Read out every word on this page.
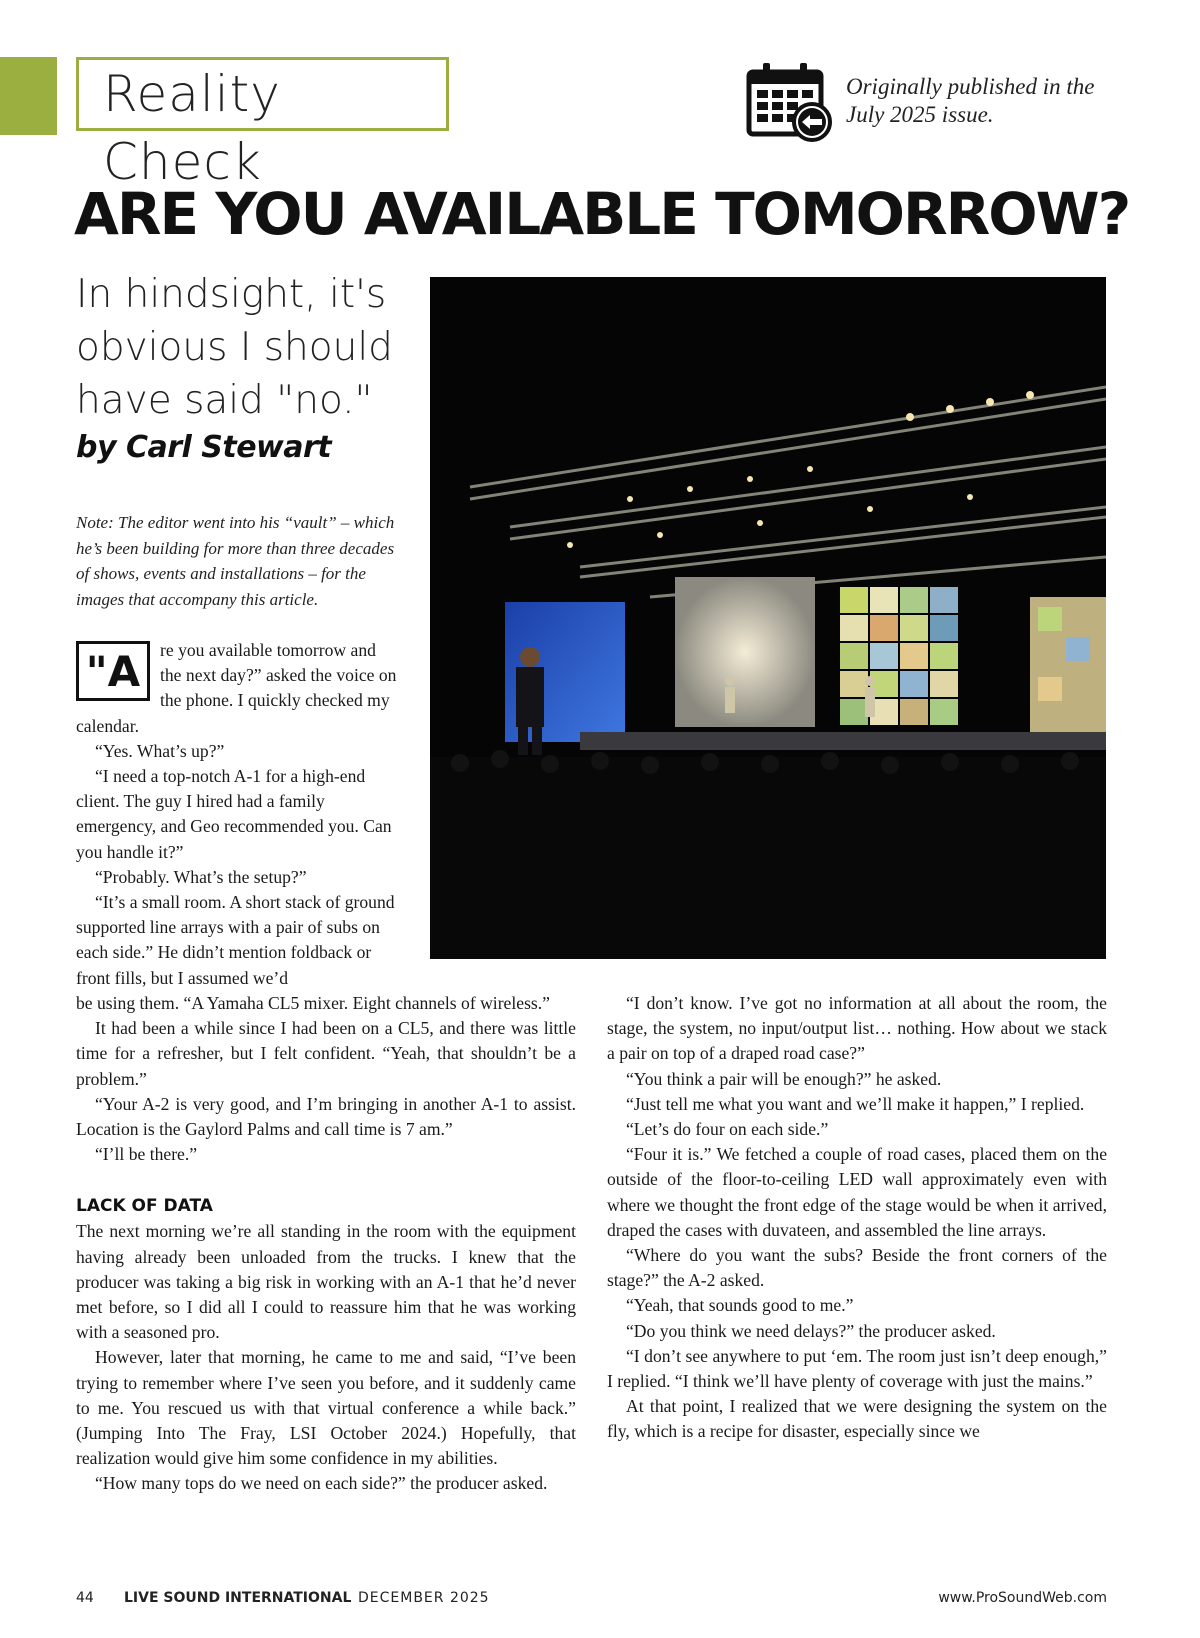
Reality Check
Originally published in the
July 2025 issue.
ARE YOU AVAILABLE TOMORROW?
In hindsight, it's obvious I should have said "no."
by Carl Stewart
Note: The editor went into his “vault” – which he’s been building for more than three decades of shows, events and installations – for the images that accompany this article.
"A	re you available tomorrow and the next day?” asked the voice on the phone. I quickly checked my calendar.

“Yes. What’s up?”

“I need a top-notch A-1 for a high-end client. The guy I hired had a family emergency, and Geo recommended you. Can you handle it?”

“Probably. What’s the setup?”

“It’s a small room. A short stack of ground supported line arrays with a pair of subs on each side.” He didn’t mention foldback or front fills, but I assumed we’d

be using them. “A Yamaha CL5 mixer. Eight channels of wireless.”

It had been a while since I had been on a CL5, and there was little time for a refresher, but I felt confident. “Yeah, that shouldn’t be a problem.”

“Your A-2 is very good, and I’m bringing in another A-1 to assist. Location is the Gaylord Palms and call time is 7 am.”

“I’ll be there.”

LACK OF DATA

The next morning we’re all standing in the room with the equipment having already been unloaded from the trucks. I knew that the producer was taking a big risk in working with an A-1 that he’d never met before, so I did all I could to reassure him that he was working with a seasoned pro.

However, later that morning, he came to me and said, “I’ve been trying to remember where I’ve seen you before, and it suddenly came to me. You rescued us with that virtual conference a while back.” (Jumping Into The Fray, LSI October 2024.) Hopefully, that realization would give him some confidence in my abilities.

“How many tops do we need on each side?” the producer asked.

“I don’t know. I’ve got no information at all about the room, the stage, the system, no input/output list… nothing. How about we stack a pair on top of a draped road case?”

“You think a pair will be enough?” he asked.

“Just tell me what you want and we’ll make it happen,” I replied.

“Let’s do four on each side.”

“Four it is.” We fetched a couple of road cases, placed them on the outside of the floor-to-ceiling LED wall approximately even with where we thought the front edge of the stage would be when it arrived, draped the cases with duvateen, and assembled the line arrays.

“Where do you want the subs? Beside the front corners of the stage?” the A-2 asked.

“Yeah, that sounds good to me.”

“Do you think we need delays?” the producer asked.

“I don’t see anywhere to put ‘em. The room just isn’t deep enough,” I replied. “I think we’ll have plenty of coverage with just the mains.”

At that point, I realized that we were designing the system on the fly, which is a recipe for disaster, especially since we

44 LIVE SOUND INTERNATIONAL DECEMBER 2025	www.ProSoundWeb.com
